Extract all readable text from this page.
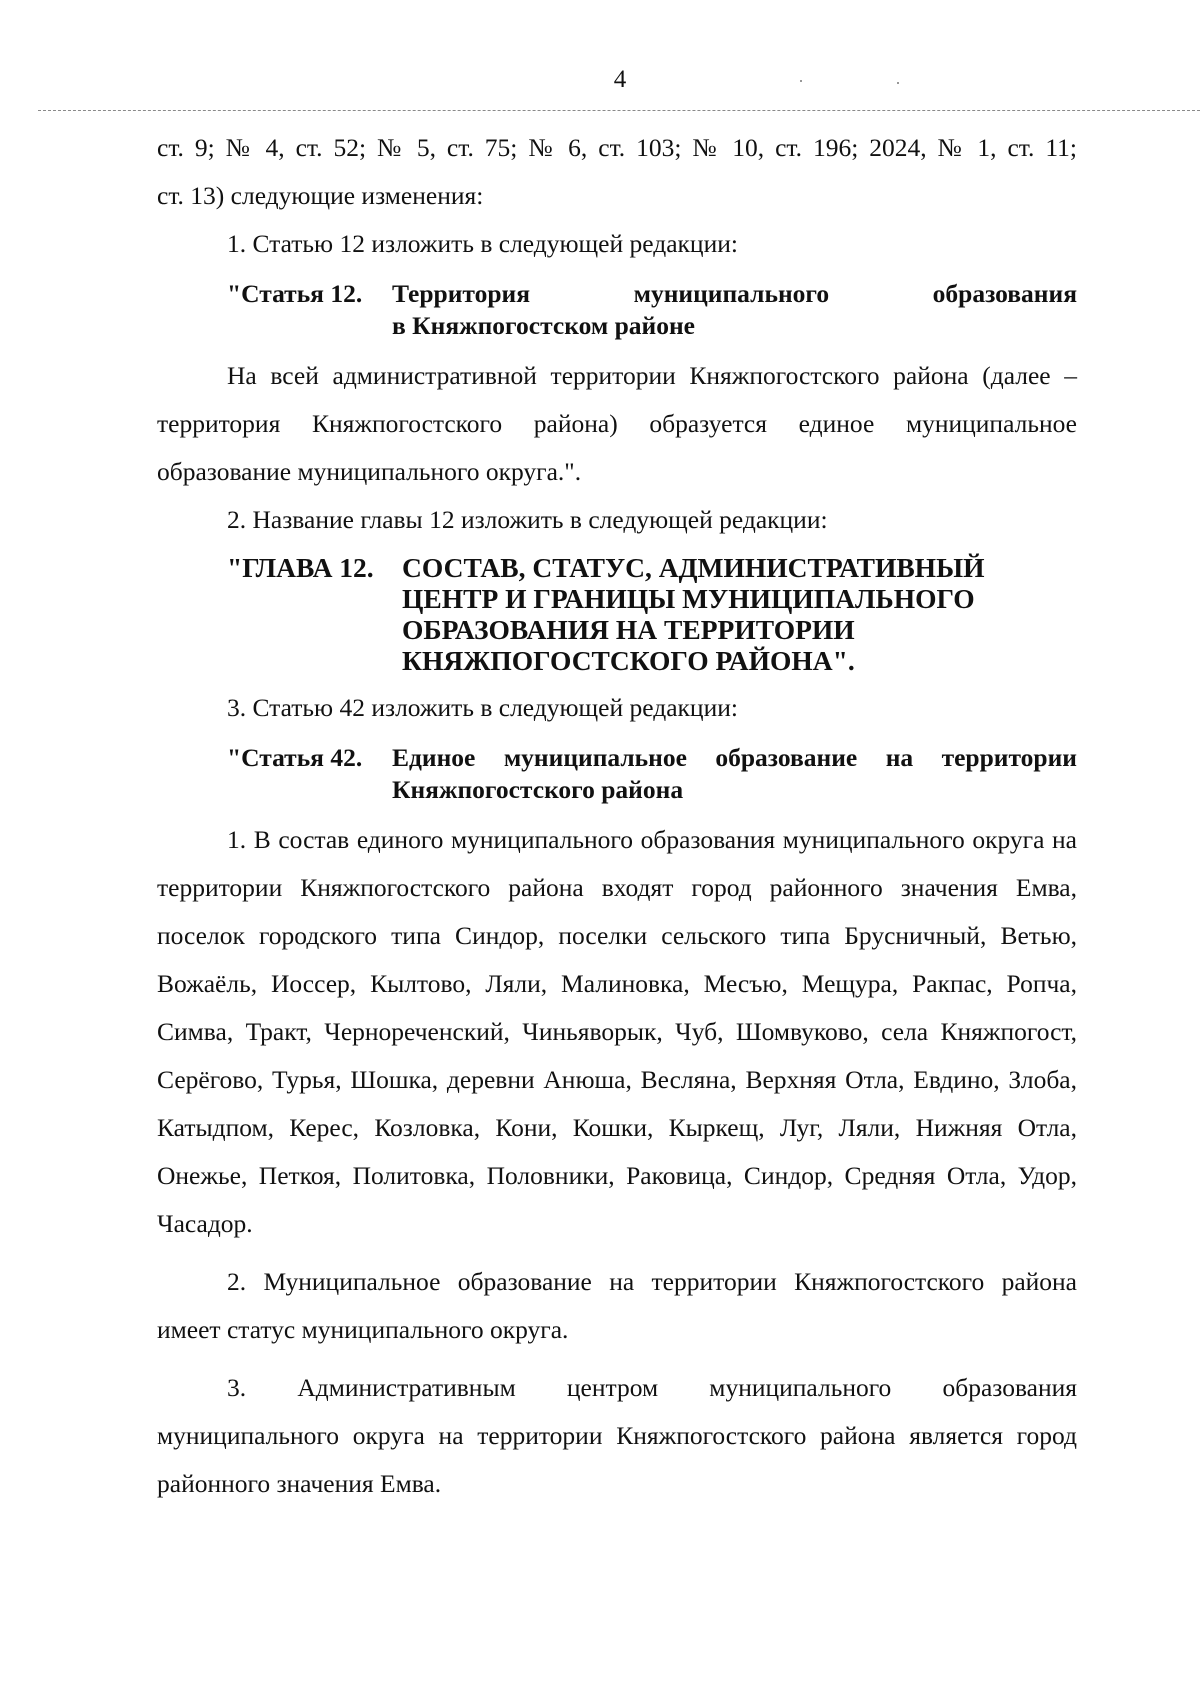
4

ст. 9; № 4, ст. 52; № 5, ст. 75; № 6, ст. 103; № 10, ст. 196; 2024, № 1, ст. 11;

ст. 13) следующие изменения:

1. Статью 12 изложить в следующей редакции:

"Статья 12.	Территория муниципального образования
в Княжпогостском районе

На всей административной территории Княжпогостского района (далее – территория Княжпогостского района) образуется единое муниципальное образование муниципального округа.".

2. Название главы 12 изложить в следующей редакции:

"ГЛАВА 12.	СОСТАВ, СТАТУС, АДМИНИСТРАТИВНЫЙ
ЦЕНТР И ГРАНИЦЫ МУНИЦИПАЛЬНОГО
ОБРАЗОВАНИЯ НА ТЕРРИТОРИИ
КНЯЖПОГОСТСКОГО РАЙОНА".

3. Статью 42 изложить в следующей редакции:

"Статья 42.	Единое муниципальное образование на территории
Княжпогостского района

1. В состав единого муниципального образования муниципального округа на территории Княжпогостского района входят город районного значения Емва, поселок городского типа Синдор, поселки сельского типа Брусничный, Ветью, Вожаёль, Иоссер, Кылтово, Ляли, Малиновка, Месъю, Мещура, Ракпас, Ропча, Симва, Тракт, Чернореченский, Чиньяворык, Чуб, Шомвуково, села Княжпогост, Серёгово, Турья, Шошка, деревни Анюша, Весляна, Верхняя Отла, Евдино, Злоба, Катыдпом, Керес, Козловка, Кони, Кошки, Кыркещ, Луг, Ляли, Нижняя Отла, Онежье, Петкоя, Политовка, Половники, Раковица, Синдор, Средняя Отла, Удор, Часадор.

2. Муниципальное образование на территории Княжпогостского района имеет статус муниципального округа.

3. Административным центром муниципального образования муниципального округа на территории Княжпогостского района является город районного значения Емва.
